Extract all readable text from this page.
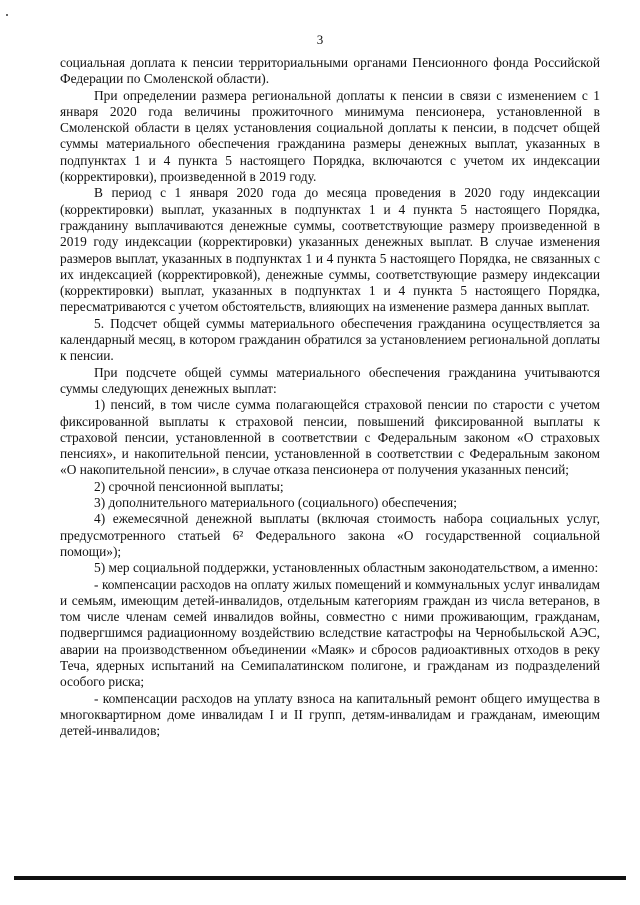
3

социальная доплата к пенсии территориальными органами Пенсионного фонда Российской Федерации по Смоленской области).

При определении размера региональной доплаты к пенсии в связи с изменением с 1 января 2020 года величины прожиточного минимума пенсионера, установленной в Смоленской области в целях установления социальной доплаты к пенсии, в подсчет общей суммы материального обеспечения гражданина размеры денежных выплат, указанных в подпунктах 1 и 4 пункта 5 настоящего Порядка, включаются с учетом их индексации (корректировки), произведенной в 2019 году.

В период с 1 января 2020 года до месяца проведения в 2020 году индексации (корректировки) выплат, указанных в подпунктах 1 и 4 пункта 5 настоящего Порядка, гражданину выплачиваются денежные суммы, соответствующие размеру произведенной в 2019 году индексации (корректировки) указанных денежных выплат. В случае изменения размеров выплат, указанных в подпунктах 1 и 4 пункта 5 настоящего Порядка, не связанных с их индексацией (корректировкой), денежные суммы, соответствующие размеру индексации (корректировки) выплат, указанных в подпунктах 1 и 4 пункта 5 настоящего Порядка, пересматриваются с учетом обстоятельств, влияющих на изменение размера данных выплат.

5. Подсчет общей суммы материального обеспечения гражданина осуществляется за календарный месяц, в котором гражданин обратился за установлением региональной доплаты к пенсии.

При подсчете общей суммы материального обеспечения гражданина учитываются суммы следующих денежных выплат:

1) пенсий, в том числе сумма полагающейся страховой пенсии по старости с учетом фиксированной выплаты к страховой пенсии, повышений фиксированной выплаты к страховой пенсии, установленной в соответствии с Федеральным законом «О страховых пенсиях», и накопительной пенсии, установленной в соответствии с Федеральным законом «О накопительной пенсии», в случае отказа пенсионера от получения указанных пенсий;

2) срочной пенсионной выплаты;

3) дополнительного материального (социального) обеспечения;

4) ежемесячной денежной выплаты (включая стоимость набора социальных услуг, предусмотренного статьей 6² Федерального закона «О государственной социальной помощи»);

5) мер социальной поддержки, установленных областным законодательством, а именно:

- компенсации расходов на оплату жилых помещений и коммунальных услуг инвалидам и семьям, имеющим детей-инвалидов, отдельным категориям граждан из числа ветеранов, в том числе членам семей инвалидов войны, совместно с ними проживающим, гражданам, подвергшимся радиационному воздействию вследствие катастрофы на Чернобыльской АЭС, аварии на производственном объединении «Маяк» и сбросов радиоактивных отходов в реку Теча, ядерных испытаний на Семипалатинском полигоне, и гражданам из подразделений особого риска;

- компенсации расходов на уплату взноса на капитальный ремонт общего имущества в многоквартирном доме инвалидам I и II групп, детям-инвалидам и гражданам, имеющим детей-инвалидов;
